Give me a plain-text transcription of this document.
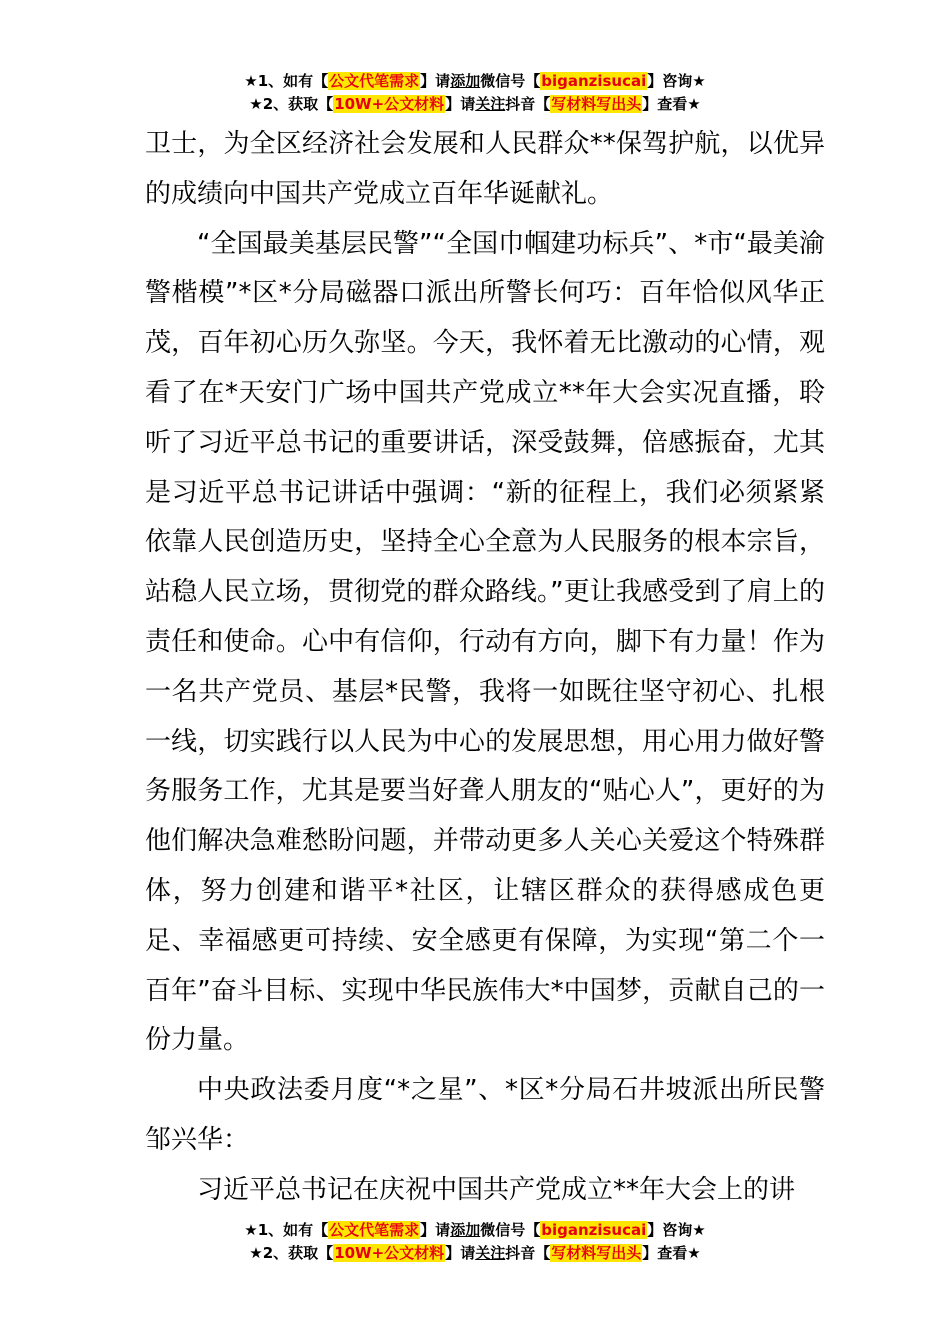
★1、如有【公文代笔需求】请添加微信号【biganzisucai】咨询★
★2、获取【10W+公文材料】请关注抖音【写材料写出头】查看★

卫士，为全区经济社会发展和人民群众**保驾护航，以优异的成绩向中国共产党成立百年华诞献礼。

“全国最美基层民警”“全国巾帼建功标兵”、*市“最美渝警楷模”*区*分局磁器口派出所警长何巧：百年恰似风华正茂，百年初心历久弥坚。今天，我怀着无比激动的心情，观看了在*天安门广场中国共产党成立**年大会实况直播，聆听了习近平总书记的重要讲话，深受鼓舞，倍感振奋，尤其是习近平总书记讲话中强调：“新的征程上，我们必须紧紧依靠人民创造历史，坚持全心全意为人民服务的根本宗旨，站稳人民立场，贯彻党的群众路线。”更让我感受到了肩上的责任和使命。心中有信仰，行动有方向，脚下有力量！作为一名共产党员、基层*民警，我将一如既往坚守初心、扎根一线，切实践行以人民为中心的发展思想，用心用力做好警务服务工作，尤其是要当好聋人朋友的“贴心人”，更好的为他们解决急难愁盼问题，并带动更多人关心关爱这个特殊群体，努力创建和谐平*社区，让辖区群众的获得感成色更足、幸福感更可持续、安全感更有保障，为实现“第二个一百年”奋斗目标、实现中华民族伟大*中国梦，贡献自己的一份力量。

中央政法委月度“*之星”、*区*分局石井坡派出所民警邹兴华：

习近平总书记在庆祝中国共产党成立**年大会上的讲

★1、如有【公文代笔需求】请添加微信号【biganzisucai】咨询★
★2、获取【10W+公文材料】请关注抖音【写材料写出头】查看★
